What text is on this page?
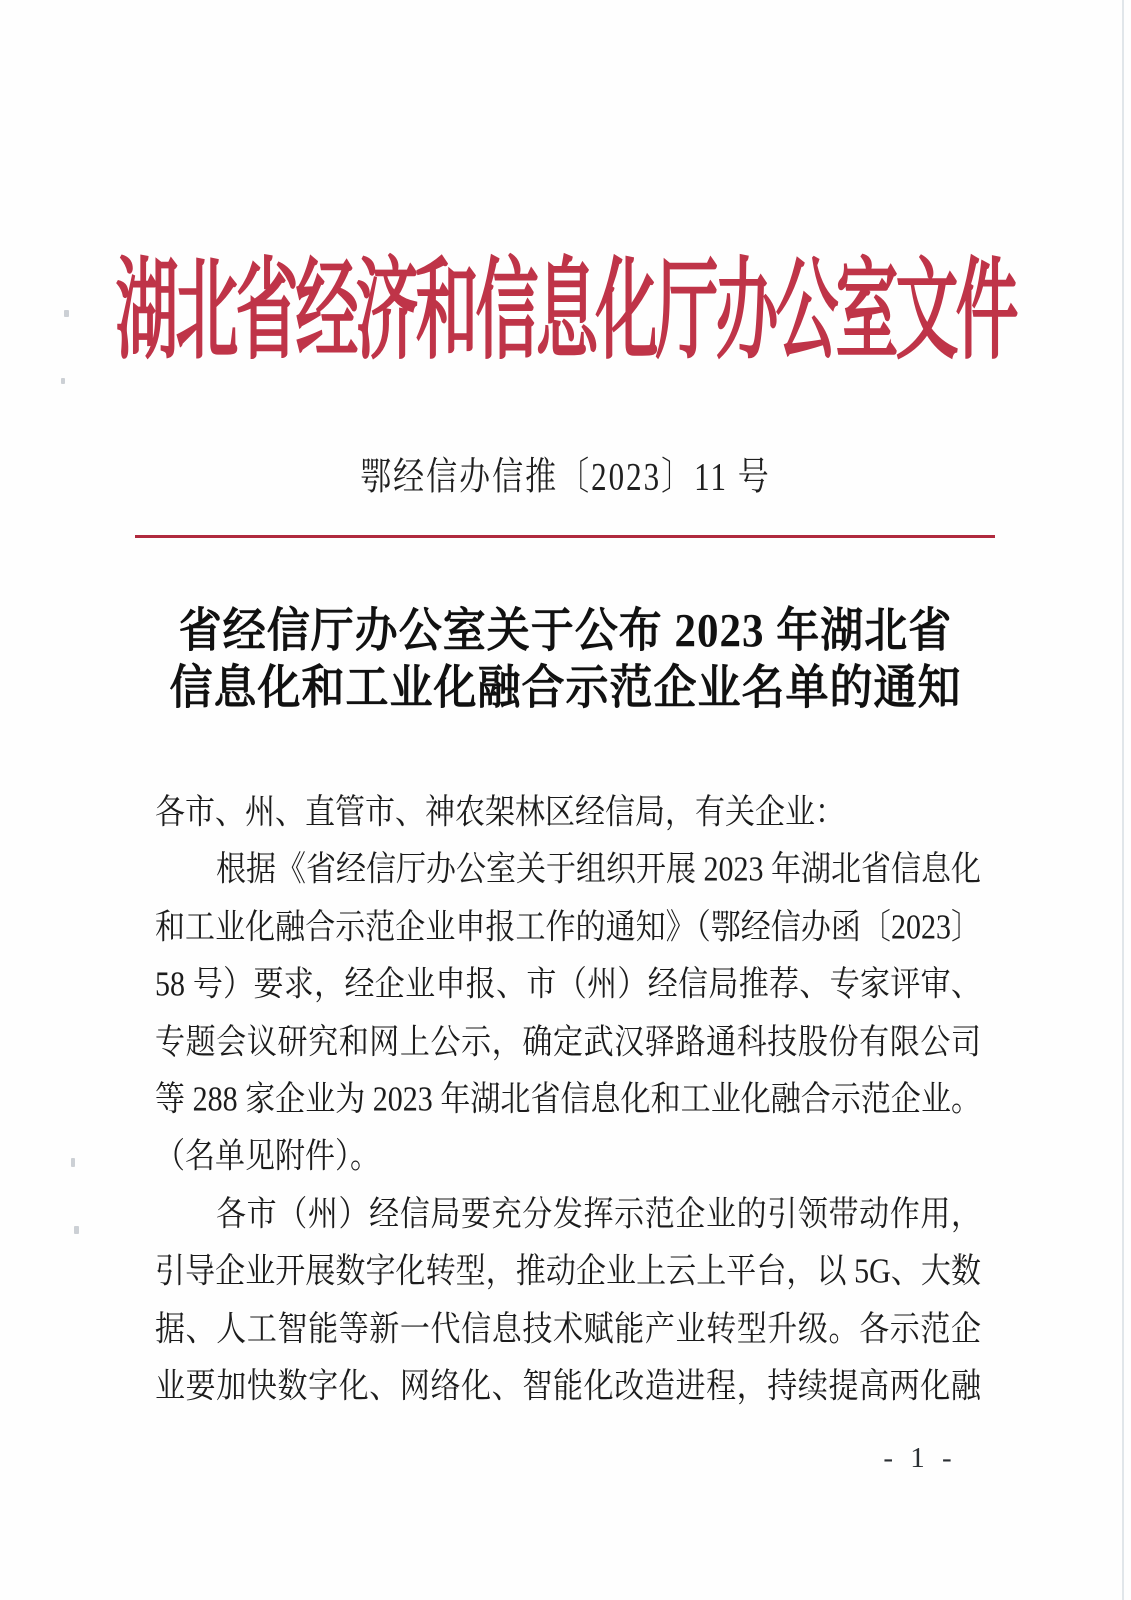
湖北省经济和信息化厅办公室文件
鄂经信办信推〔2023〕11 号
省经信厅办公室关于公布 2023 年湖北省
信息化和工业化融合示范企业名单的通知
各市、州、直管市、神农架林区经信局，有关企业：
根据《省经信厅办公室关于组织开展 2023 年湖北省信息化
和工业化融合示范企业申报工作的通知》（鄂经信办函〔2023〕
58 号）要求，经企业申报、市（州）经信局推荐、专家评审、
专题会议研究和网上公示，确定武汉驿路通科技股份有限公司
等 288 家企业为 2023 年湖北省信息化和工业化融合示范企业。
（名单见附件）。
各市（州）经信局要充分发挥示范企业的引领带动作用，
引导企业开展数字化转型，推动企业上云上平台，以 5G、大数
据、人工智能等新一代信息技术赋能产业转型升级。各示范企
业要加快数字化、网络化、智能化改造进程，持续提高两化融
- 1 -
